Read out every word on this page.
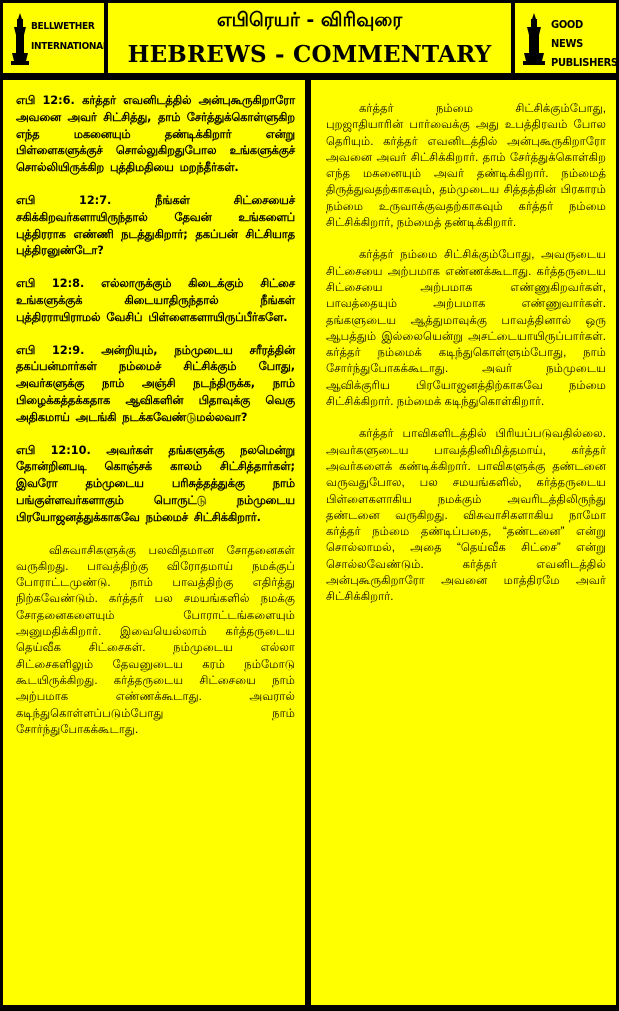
BELLWETHER
INTERNATIONAL
எபிரெயர் - விரிவுரை
HEBREWS - COMMENTARY
GOOD NEWS
PUBLISHERS

எபி 12:6. கர்த்தர் எவனிடத்தில் அன்புகூருகிறாரோ அவனை அவர் சிட்சித்து, தாம் சேர்த்துக்கொள்ளுகிற எந்த மகனையும் தண்டிக்கிறார் என்று பிள்ளைகளுக்குச் சொல்லுகிறதுபோல உங்களுக்குச் சொல்லியிருக்கிற புத்திமதியை மறந்தீர்கள்.

எபி 12:7. நீங்கள் சிட்சையைச் சகிக்கிறவர்களாயிருந்தால் தேவன் உங்களைப் புத்திரராக எண்ணி நடத்துகிறார்; தகப்பன் சிட்சியாத புத்திரனுண்டோ?

எபி 12:8. எல்லாருக்கும் கிடைக்கும் சிட்சை உங்களுக்குக் கிடையாதிருந்தால் நீங்கள் புத்திரராயிராமல் வேசிப் பிள்ளைகளாயிருப்பீர்களே.

எபி 12:9. அன்றியும், நம்முடைய சரீரத்தின் தகப்பன்மார்கள் நம்மைச் சிட்சிக்கும் போது, அவர்களுக்கு நாம் அஞ்சி நடந்திருக்க, நாம் பிழைக்கத்தக்கதாக ஆவிகளின் பிதாவுக்கு வெகு அதிகமாய் அடங்கி நடக்கவேண்டுமல்லவா?

எபி 12:10. அவர்கள் தங்களுக்கு நலமென்று தோன்றினபடி கொஞ்சக் காலம் சிட்சித்தார்கள்; இவரோ தம்முடைய பரிசுத்தத்துக்கு நாம் பங்குள்ளவர்களாகும் பொருட்டு நம்முடைய பிரயோஜனத்துக்காகவே நம்மைச் சிட்சிக்கிறார்.

விசுவாசிகளுக்கு பலவிதமான சோதனைகள் வருகிறது. பாவத்திற்கு விரோதமாய் நமக்குப் போராட்டமுண்டு. நாம் பாவத்திற்கு எதிர்த்து நிற்கவேண்டும். கர்த்தர் பல சமயங்களில் நமக்கு சோதனைகளையும் போராட்டங்களையும் அனுமதிக்கிறார். இவையெல்லாம் கர்த்தருடைய தெய்வீக சிட்சைகள். நம்முடைய எல்லா சிட்சைகளிலும் தேவனுடைய கரம் நம்மோடு கூடயிருக்கிறது. கர்த்தருடைய சிட்சையை நாம் அற்பமாக எண்ணக்கூடாது. அவரால் கடிந்துகொள்ளப்படும்போது நாம் சோர்ந்துபோகக்கூடாது.

கர்த்தர் நம்மை சிட்சிக்கும்போது, புறஜாதியாரின் பார்வைக்கு அது உபத்திரவம் போல தெரியும். கர்த்தர் எவனிடத்தில் அன்புகூருகிறாரோ அவனை அவர் சிட்சிக்கிறார். தாம் சேர்த்துக்கொள்கிற எந்த மகனையும் அவர் தண்டிக்கிறார். நம்மைத் திருத்துவதற்காகவும், தம்முடைய சித்தத்தின் பிரகாரம் நம்மை உருவாக்குவதற்காகவும் கர்த்தர் நம்மை சிட்சிக்கிறார், நம்மைத் தண்டிக்கிறார்.

கர்த்தர் நம்மை சிட்சிக்கும்போது, அவருடைய சிட்சையை அற்பமாக எண்ணக்கூடாது. கர்த்தருடைய சிட்சையை அற்பமாக எண்ணுகிறவர்கள், பாவத்தையும் அற்பமாக எண்ணுவார்கள். தங்களுடைய ஆத்துமாவுக்கு பாவத்தினால் ஒரு ஆபத்தும் இல்லையென்று அசட்டையாயிருப்பார்கள். கர்த்தர் நம்மைக் கடிந்துகொள்ளும்போது, நாம் சோர்ந்துபோகக்கூடாது. அவர் நம்முடைய ஆவிக்குரிய பிரயோஜனத்திற்காகவே நம்மை சிட்சிக்கிறார். நம்மைக் கடிந்துகொள்கிறார்.

கர்த்தர் பாவிகளிடத்தில் பிரியப்படுவதில்லை. அவர்களுடைய பாவத்தினிமித்தமாய், கர்த்தர் அவர்களைக் கண்டிக்கிறார். பாவிகளுக்கு தண்டனை வருவதுபோல, பல சமயங்களில், கர்த்தருடைய பிள்ளைகளாகிய நமக்கும் அவரிடத்திலிருந்து தண்டனை வருகிறது. விசுவாசிகளாகிய நாமோ கர்த்தர் நம்மை தண்டிப்பதை, “தண்டனை” என்று சொல்லாமல், அதை “தெய்வீக சிட்சை” என்று சொல்லவேண்டும். கர்த்தர் எவனிடத்தில் அன்புகூருகிறாரோ அவனை மாத்திரமே அவர் சிட்சிக்கிறார்.
